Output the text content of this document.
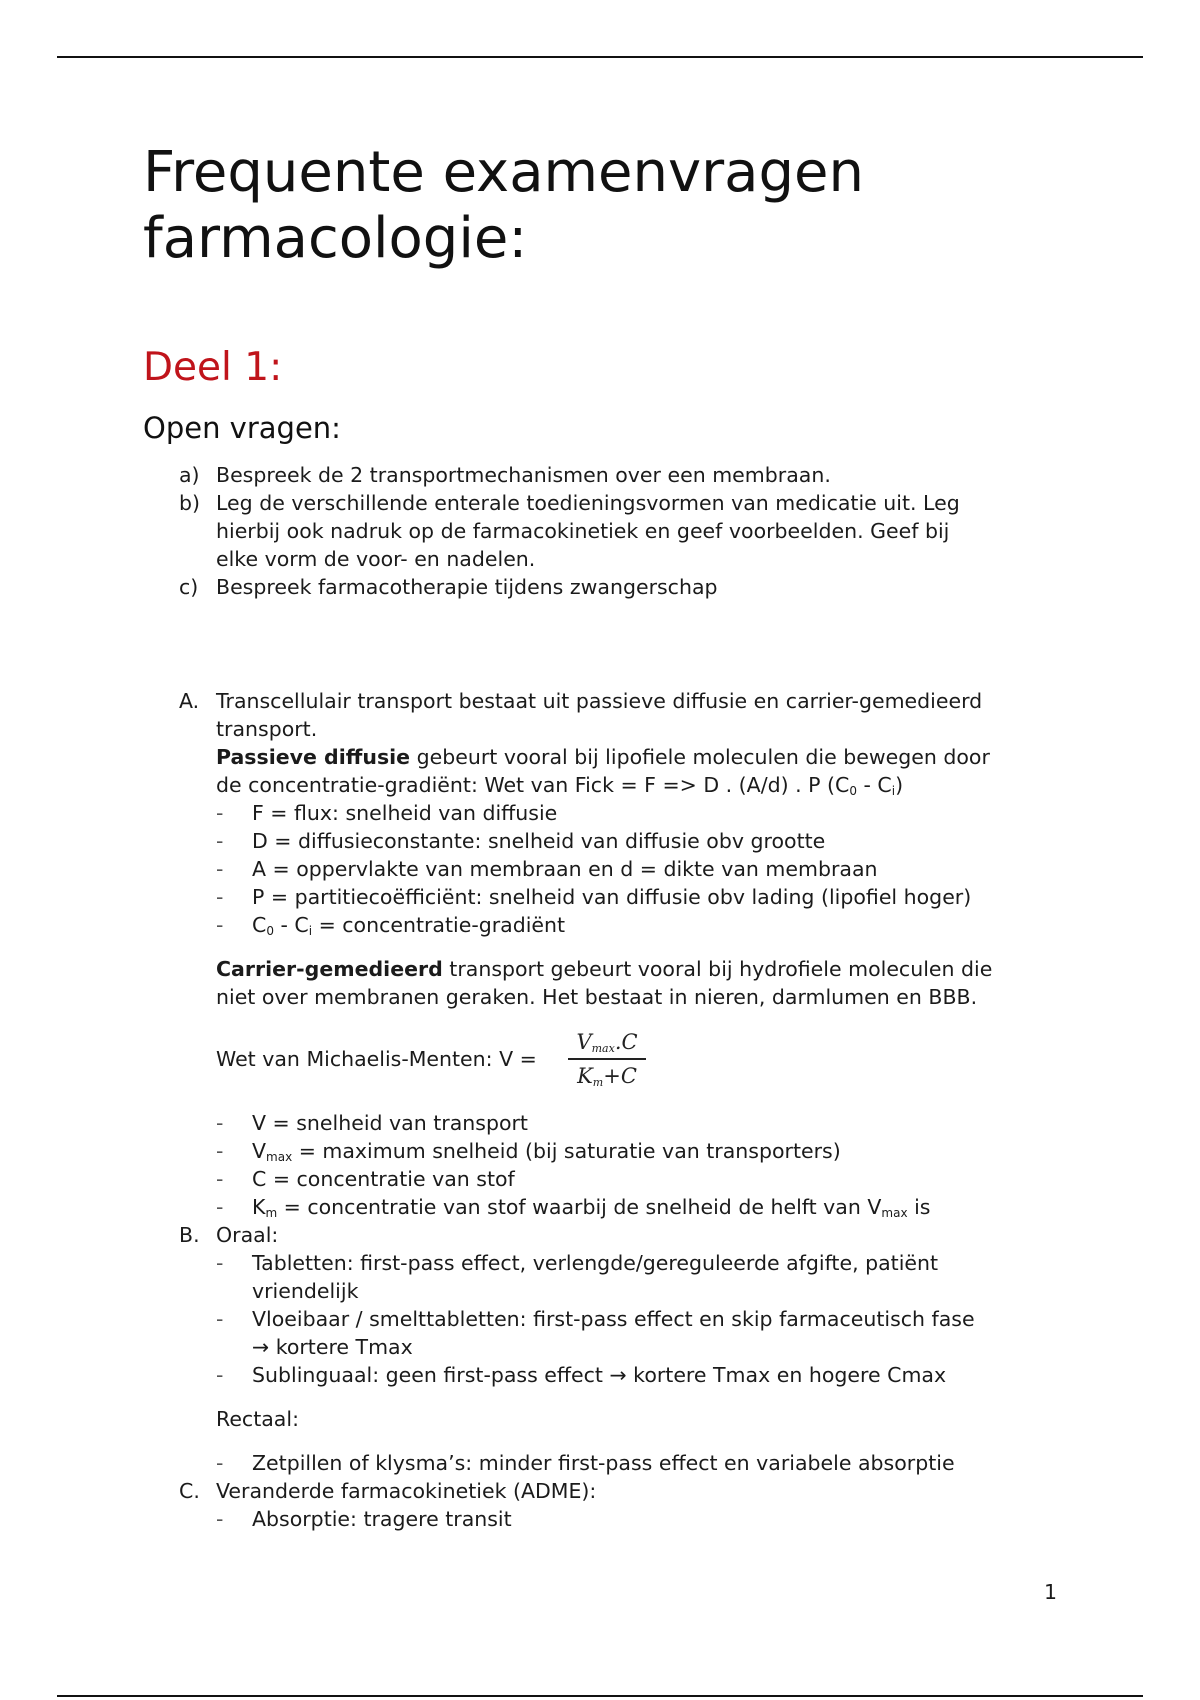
Frequente examenvragen
farmacologie:
Deel 1:
Open vragen:
a) Bespreek de 2 transportmechanismen over een membraan.
b) Leg de verschillende enterale toedieningsvormen van medicatie uit. Leg
hierbij ook nadruk op de farmacokinetiek en geef voorbeelden. Geef bij
elke vorm de voor- en nadelen.
c) Bespreek farmacotherapie tijdens zwangerschap
A. Transcellulair transport bestaat uit passieve diffusie en carrier-gemedieerd
transport.
Passieve diffusie gebeurt vooral bij lipofiele moleculen die bewegen door
de concentratie-gradiënt: Wet van Fick = F => D . (A/d) . P $(C_0 - C_i)$
- F = flux: snelheid van diffusie
- D = diffusieconstante: snelheid van diffusie obv grootte
- A = oppervlakte van membraan en d = dikte van membraan
- P = partitiecoëfficiënt: snelheid van diffusie obv lading (lipofiel hoger)
- $C_0 - C_i$ = concentratie-gradiënt
Carrier-gemedieerd transport gebeurt vooral bij hydrofiele moleculen die
niet over membranen geraken. Het bestaat in nieren, darmlumen en BBB.
Wet van Michaelis-Menten: V =
$V_{max}.C$
$K_m+C$
- V = snelheid van transport
- $V_{max}$ = maximum snelheid (bij saturatie van transporters)
- C = concentratie van stof
- $K_m$ = concentratie van stof waarbij de snelheid de helft van $V_{max}$ is
B. Oraal:
- Tabletten: first-pass effect, verlengde/gereguleerde afgifte, patiënt
vriendelijk
- Vloeibaar / smelttabletten: first-pass effect en skip farmaceutisch fase
→ kortere Tmax
- Sublinguaal: geen first-pass effect → kortere Tmax en hogere Cmax
Rectaal:
- Zetpillen of klysma’s: minder first-pass effect en variabele absorptie
C. Veranderde farmacokinetiek (ADME):
- Absorptie: tragere transit
1
